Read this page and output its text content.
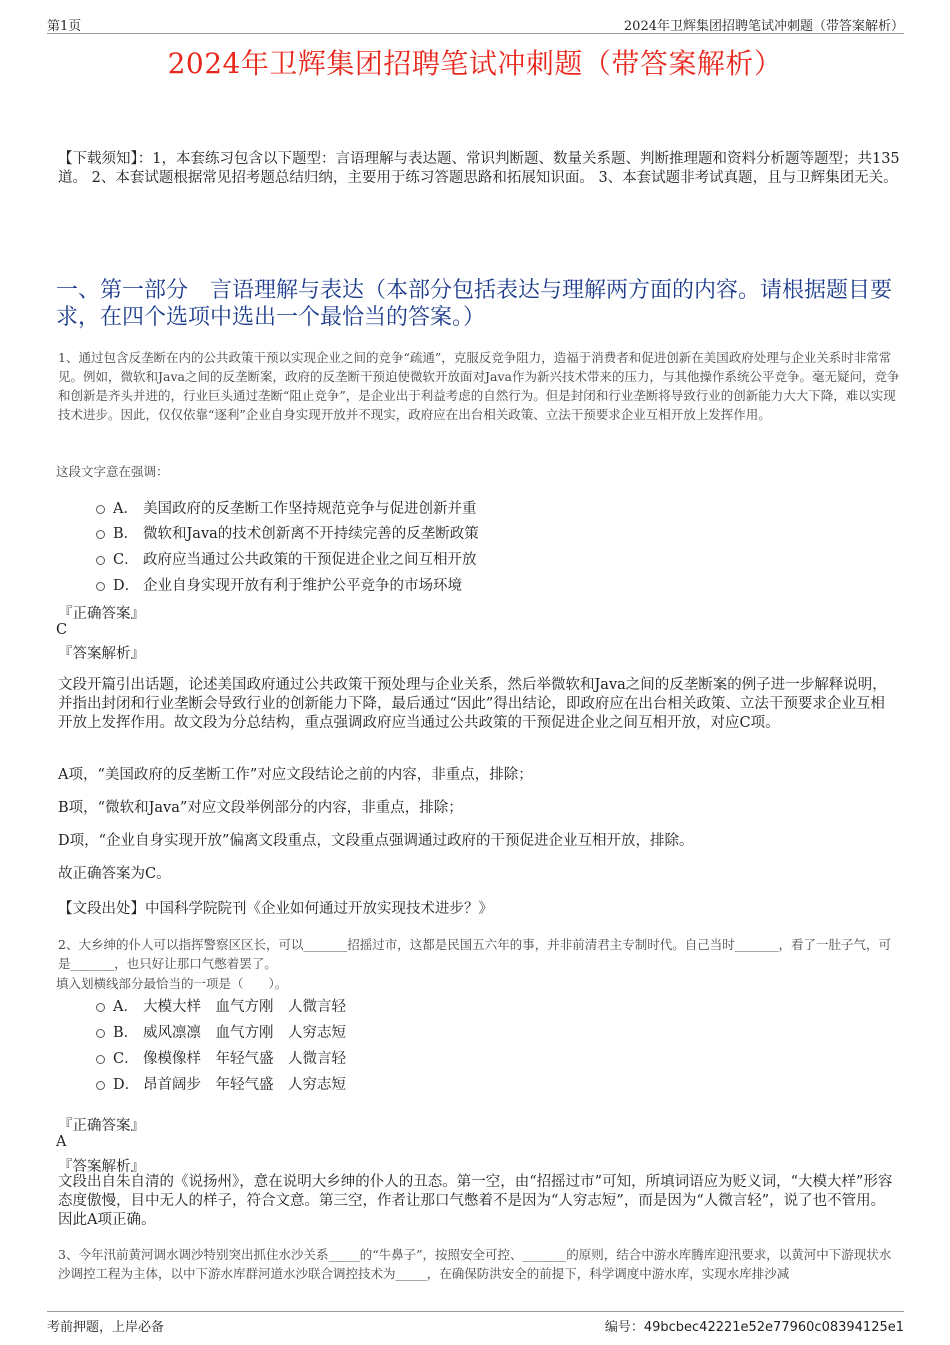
第1页	2024年卫辉集团招聘笔试冲刺题（带答案解析）
2024年卫辉集团招聘笔试冲刺题（带答案解析）
【下载须知】：1，本套练习包含以下题型：言语理解与表达题、常识判断题、数量关系题、判断推理题和资料分析题等题型；共135道。 2、本套试题根据常见招考题总结归纳，主要用于练习答题思路和拓展知识面。 3、本套试题非考试真题，且与卫辉集团无关。
一、第一部分　言语理解与表达（本部分包括表达与理解两方面的内容。请根据题目要求，在四个选项中选出一个最恰当的答案。）
1、通过包含反垄断在内的公共政策干预以实现企业之间的竞争“疏通”，克服反竞争阻力，造福于消费者和促进创新在美国政府处理与企业关系时非常常见。例如，微软和Java之间的反垄断案，政府的反垄断干预迫使微软开放面对Java作为新兴技术带来的压力，与其他操作系统公平竞争。毫无疑问，竞争和创新是齐头并进的，行业巨头通过垄断“阻止竞争”，是企业出于利益考虑的自然行为。但是封闭和行业垄断将导致行业的创新能力大大下降，难以实现技术进步。因此，仅仅依靠“逐利”企业自身实现开放并不现实，政府应在出台相关政策、立法干预要求企业互相开放上发挥作用。
这段文字意在强调：
A． 美国政府的反垄断工作坚持规范竞争与促进创新并重
B． 微软和Java的技术创新离不开持续完善的反垄断政策
C． 政府应当通过公共政策的干预促进企业之间互相开放
D． 企业自身实现开放有利于维护公平竞争的市场环境
『正确答案』
C
『答案解析』
文段开篇引出话题，论述美国政府通过公共政策干预处理与企业关系，然后举微软和Java之间的反垄断案的例子进一步解释说明，并指出封闭和行业垄断会导致行业的创新能力下降，最后通过“因此”得出结论，即政府应在出台相关政策、立法干预要求企业互相开放上发挥作用。故文段为分总结构，重点强调政府应当通过公共政策的干预促进企业之间互相开放，对应C项。
A项，“美国政府的反垄断工作”对应文段结论之前的内容，非重点，排除；
B项，“微软和Java”对应文段举例部分的内容，非重点，排除；
D项，“企业自身实现开放”偏离文段重点，文段重点强调通过政府的干预促进企业互相开放，排除。
故正确答案为C。
【文段出处】中国科学院院刊《企业如何通过开放实现技术进步？》
2、大乡绅的仆人可以指挥警察区区长，可以_______招摇过市，这都是民国五六年的事，并非前清君主专制时代。自己当时_______，看了一肚子气，可是_______，也只好让那口气憋着罢了。
填入划横线部分最恰当的一项是（　　）。
A． 大模大样　血气方刚　人微言轻
B． 威风凛凛　血气方刚　人穷志短
C． 像模像样　年轻气盛　人微言轻
D． 昂首阔步　年轻气盛　人穷志短
『正确答案』
A
『答案解析』
文段出自朱自清的《说扬州》，意在说明大乡绅的仆人的丑态。第一空，由“招摇过市”可知，所填词语应为贬义词，“大模大样”形容态度傲慢，目中无人的样子，符合文意。第三空，作者让那口气憋着不是因为“人穷志短”，而是因为“人微言轻”，说了也不管用。因此A项正确。
3、今年汛前黄河调水调沙特别突出抓住水沙关系_____的“牛鼻子”，按照安全可控、_______的原则，结合中游水库腾库迎汛要求，以黄河中下游现状水沙调控工程为主体，以中下游水库群河道水沙联合调控技术为_____，在确保防洪安全的前提下，科学调度中游水库，实现水库排沙减
考前押题，上岸必备	编号：49bcbec42221e52e77960c08394125e1
